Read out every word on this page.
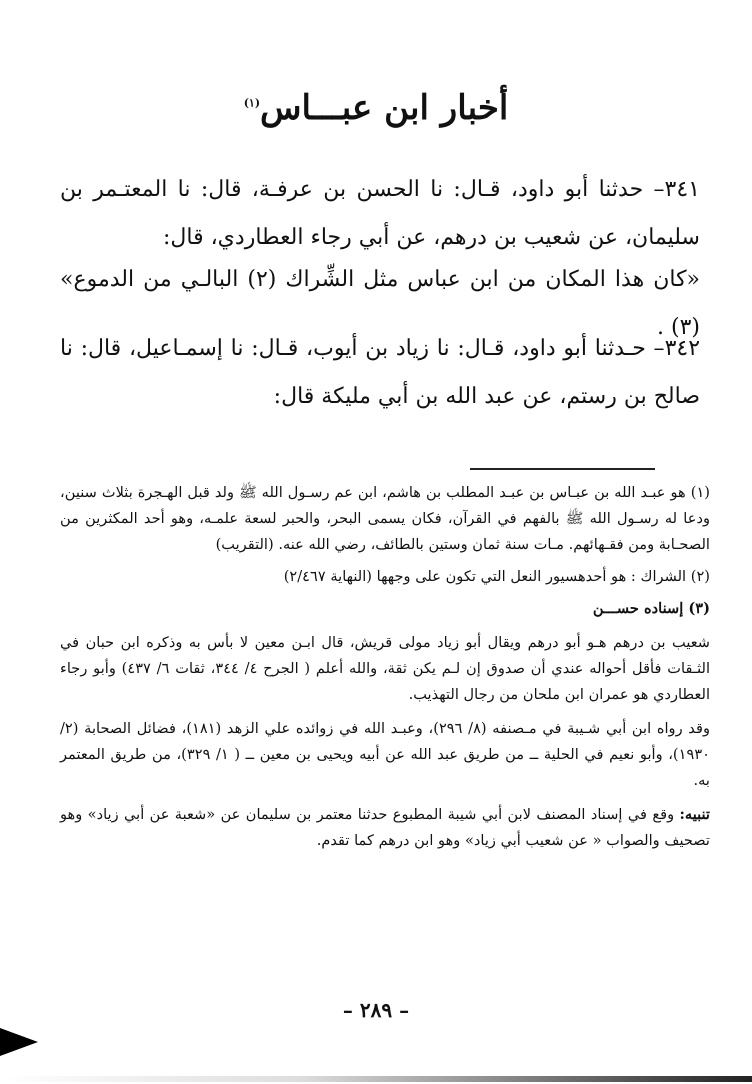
أخبار ابن عبـــاس$^{(١)}$
٣٤١– حدثنا أبو داود، قـال: نا الحسن بن عرفـة، قال: نا المعتـمر بن سليمان، عن شعيب بن درهم، عن أبي رجاء العطاردي، قال:
«كان هذا المكان من ابن عباس مثل الشِّراك (٢) البالـي من الدموع» (٣) .
٣٤٢– حـدثنا أبو داود، قـال: نا زياد بن أيوب، قـال: نا إسمـاعيل، قال: نا صالح بن رستم، عن عبد الله بن أبي مليكة قال:
(١) هو عبـد الله بن عبـاس بن عبـد المطلب بن هاشم، ابن عم رسـول الله ﷺ ولد قبل الهـجرة بثلاث سنين، ودعا له رسـول الله ﷺ بالفهم في القرآن، فكان يسمى البحر، والحبر لسعة علمـه، وهو أحد المكثرين من الصحـابة ومن فقـهائهم. مـات سنة ثمان وستين بالطائف، رضي الله عنه. (التقريب)
(٢) الشراك : هو أحدهسيور النعل التي تكون على وجهها (النهاية ٢/٤٦٧)
(٣) إسناده حســـن
شعيب بن درهم هـو أبو درهم ويقال أبو زياد مولى قريش، قال ابـن معين لا بأس به وذكره ابن حبان في الثـقات فأقل أحواله عندي أن صدوق إن لـم يكن ثقة، والله أعلم ( الجرح ٤/ ٣٤٤، ثقات ٦/ ٤٣٧) وأبو رجاء العطاردي هو عمران ابن ملحان من رجال التهذيب.
وقد رواه ابن أبي شـيبة في مـصنفه (٨/ ٢٩٦)، وعبـد الله في زوائده علي الزهد (١٨١)، فضائل الصحابة (٢/ ١٩٣٠)، وأبو نعيم في الحلية ــ من طريق عبد الله عن أبيه ويحيى بن معين ــ ( ١/ ٣٢٩)، من طريق المعتمر به.
تنبيه: وقع في إسناد المصنف لابن أبي شيبة المطبوع حدثنا معتمر بن سليمان عن «شعبة عن أبي زياد» وهو تصحيف والصواب « عن شعيب أبي زياد» وهو ابن درهم كما تقدم.
– ٢٨٩ –
